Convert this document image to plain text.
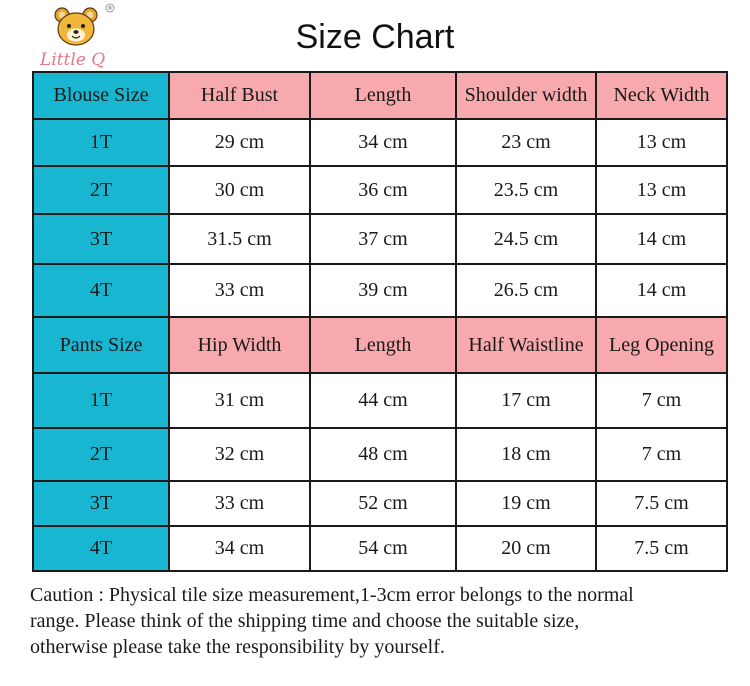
®
Little Q
Size Chart
Blouse Size	Half Bust	Length	Shoulder width	Neck Width
1T	29 cm	34 cm	23 cm	13 cm
2T	30 cm	36 cm	23.5 cm	13 cm
3T	31.5 cm	37 cm	24.5 cm	14 cm
4T	33 cm	39 cm	26.5 cm	14 cm
Pants Size	Hip Width	Length	Half Waistline	Leg Opening
1T	31 cm	44 cm	17 cm	7 cm
2T	32 cm	48 cm	18 cm	7 cm
3T	33 cm	52 cm	19 cm	7.5 cm
4T	34 cm	54 cm	20 cm	7.5 cm
Caution : Physical tile size measurement,1-3cm error belongs to the normal
range. Please think of the shipping time and choose the suitable size,
otherwise please take the responsibility by yourself.
